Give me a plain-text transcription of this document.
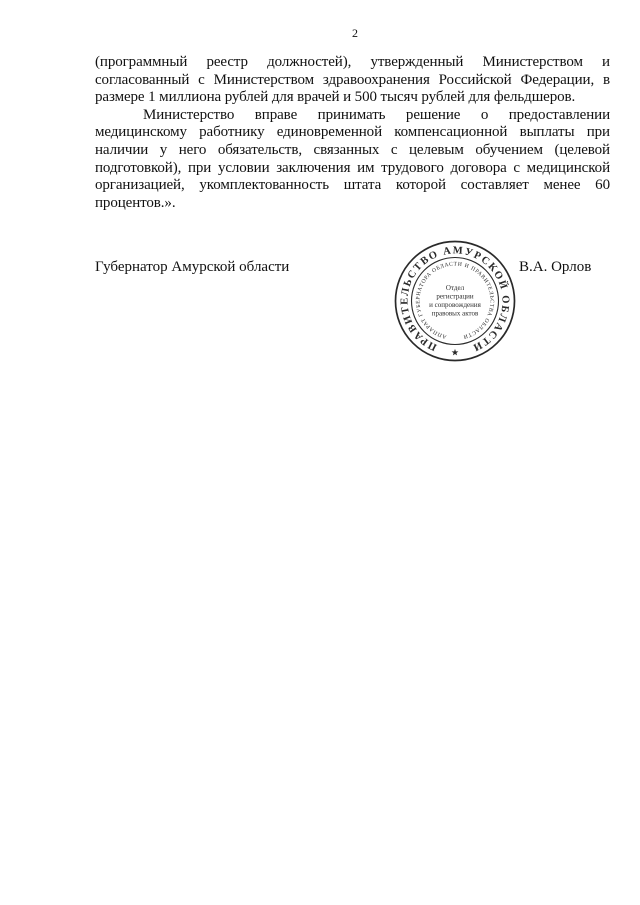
2

(программный реестр должностей), утвержденный Министерством и
согласованный с Министерством здравоохранения Российской Федерации, в
размере 1 миллиона рублей для врачей и 500 тысяч рублей для фельдшеров.

Министерство вправе принимать решение о предоставлении
медицинскому работнику единовременной компенсационной выплаты при
наличии у него обязательств, связанных с целевым обучением (целевой
подготовкой), при условии заключения им трудового договора с медицинской
организацией, укомплектованность штата которой составляет менее 60
процентов.».

Губернатор Амурской области
ПРАВИТЕЛЬСТВО АМУРСКОЙ ОБЛАСТИ
АППАРАТ ГУБЕРНАТОРА ОБЛАСТИ И ПРАВИТЕЛЬСТВА ОБЛАСТИ
Отдел
регистрации
и сопровождения
правовых актов
В.А. Орлов
